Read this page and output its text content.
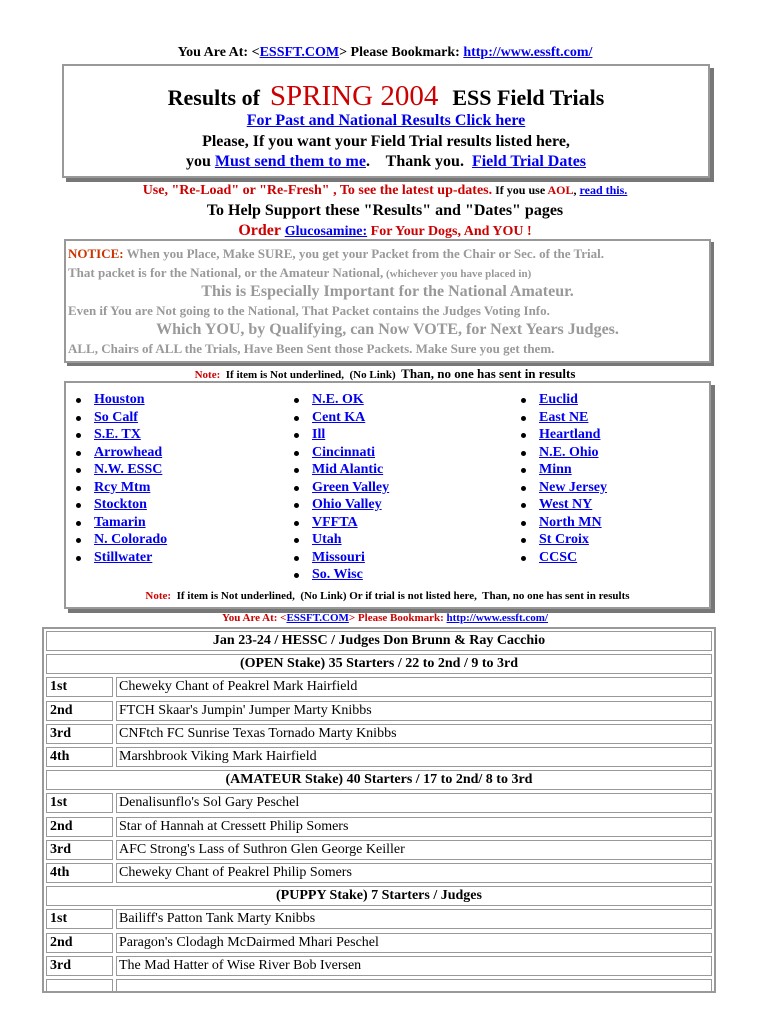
You Are At: <ESSFT.COM> Please Bookmark: http://www.essft.com/
Results of SPRING 2004 ESS Field Trials
For Past and National Results Click here
Please, If you want your Field Trial results listed here,
you Must send them to me.    Thank you.  Field Trial Dates
Use, "Re-Load" or "Re-Fresh" , To see the latest up-dates. If you use AOL, read this.
To Help Support these "Results" and "Dates" pages
Order Glucosamine: For Your Dogs, And YOU !
NOTICE: When you Place, Make SURE, you get your Packet from the Chair or Sec. of the Trial.
That packet is for the National, or the Amateur National, (whichever you have placed in)
This is Especially Important for the National Amateur.
Even if You are Not going to the National, That Packet contains the Judges Voting Info.
Which YOU, by Qualifying, can Now VOTE, for Next Years Judges.
ALL, Chairs of ALL the Trials, Have Been Sent those Packets. Make Sure you get them.
Note:  If item is Not underlined,  (No Link)  Than, no one has sent in results
Houston
So Calf
S.E. TX
Arrowhead
N.W. ESSC
Rcy Mtm
Stockton
Tamarin
N. Colorado
Stillwater
N.E. OK
Cent KA
Ill
Cincinnati
Mid Alantic
Green Valley
Ohio Valley
VFFTA
Utah
Missouri
So. Wisc
Euclid
East NE
Heartland
N.E. Ohio
Minn
New Jersey
West NY
North MN
St Croix
CCSC
Note:  If item is Not underlined,  (No Link) Or if trial is not listed here,  Than, no one has sent in results
You Are At: <ESSFT.COM> Please Bookmark: http://www.essft.com/
Jan 23-24 / HESSC / Judges Don Brunn & Ray Cacchio
(OPEN Stake) 35 Starters / 22 to 2nd / 9 to 3rd
1st	Cheweky Chant of Peakrel Mark Hairfield
2nd	FTCH Skaar's Jumpin' Jumper Marty Knibbs
3rd	CNFtch FC Sunrise Texas Tornado Marty Knibbs
4th	Marshbrook Viking Mark Hairfield
(AMATEUR Stake) 40 Starters / 17 to 2nd/ 8 to 3rd
1st	Denalisunflo's Sol Gary Peschel
2nd	Star of Hannah at Cressett Philip Somers
3rd	AFC Strong's Lass of Suthron Glen George Keiller
4th	Cheweky Chant of Peakrel Philip Somers
(PUPPY Stake) 7 Starters / Judges
1st	Bailiff's Patton Tank Marty Knibbs
2nd	Paragon's Clodagh McDairmed Mhari Peschel
3rd	The Mad Hatter of Wise River Bob Iversen
